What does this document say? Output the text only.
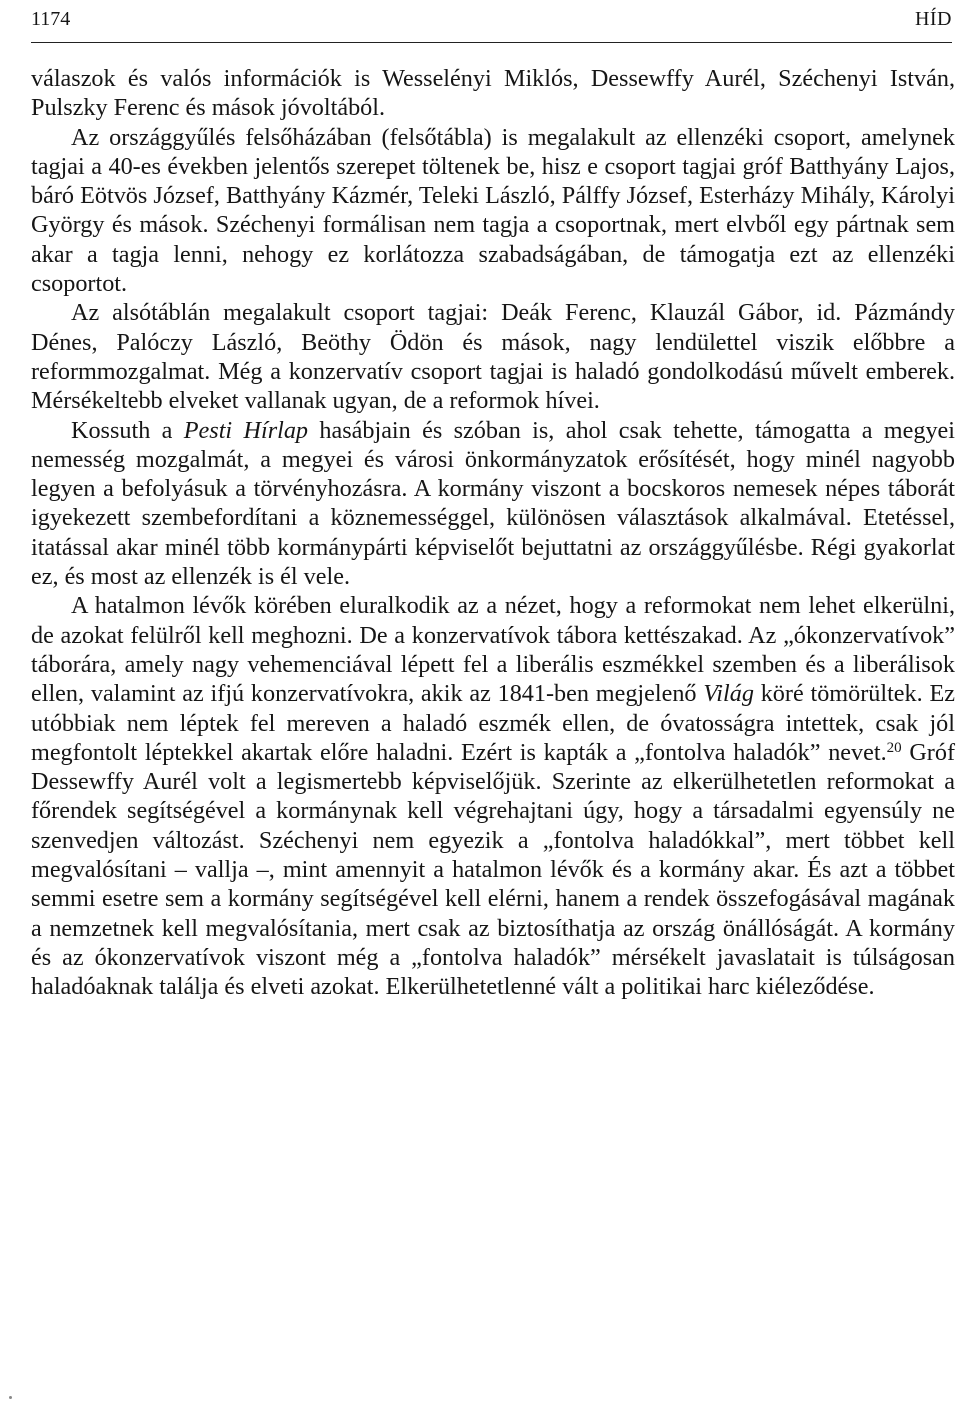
1174	HÍD

válaszok és valós információk is Wesselényi Miklós, Dessewffy Aurél, Széchenyi István, Pulszky Ferenc és mások jóvoltából.

Az országgyűlés felsőházában (felsőtábla) is megalakult az ellenzéki csoport, amelynek tagjai a 40-es években jelentős szerepet töltenek be, hisz e csoport tagjai gróf Batthyány Lajos, báró Eötvös József, Batthyány Kázmér, Teleki László, Pálffy József, Esterházy Mihály, Károlyi György és mások. Széchenyi formálisan nem tagja a csoportnak, mert elvből egy pártnak sem akar a tagja lenni, nehogy ez korlátozza szabadságában, de támogatja ezt az ellenzéki csoportot.

Az alsótáblán megalakult csoport tagjai: Deák Ferenc, Klauzál Gábor, id. Pázmándy Dénes, Palóczy László, Beöthy Ödön és mások, nagy lendülettel viszik előbbre a reformmozgalmat. Még a konzervatív csoport tagjai is haladó gondolkodású művelt emberek. Mérsékeltebb elveket vallanak ugyan, de a reformok hívei.

Kossuth a Pesti Hírlap hasábjain és szóban is, ahol csak tehette, támogatta a megyei nemesség mozgalmát, a megyei és városi önkormányzatok erősítését, hogy minél nagyobb legyen a befolyásuk a törvényhozásra. A kormány viszont a bocskoros nemesek népes táborát igyekezett szembefordítani a köznemességgel, különösen választások alkalmával. Etetéssel, itatással akar minél több kormánypárti képviselőt bejuttatni az országgyűlésbe. Régi gyakorlat ez, és most az ellenzék is él vele.

A hatalmon lévők körében eluralkodik az a nézet, hogy a reformokat nem lehet elkerülni, de azokat felülről kell meghozni. De a konzervatívok tábora kettészakad. Az „ókonzervatívok” táborára, amely nagy vehemenciával lépett fel a liberális eszmékkel szemben és a liberálisok ellen, valamint az ifjú konzervatívokra, akik az 1841-ben megjelenő Világ köré tömörültek. Ez utóbbiak nem léptek fel mereven a haladó eszmék ellen, de óvatosságra intettek, csak jól megfontolt léptekkel akartak előre haladni. Ezért is kapták a „fontolva haladók” nevet.$^{20}$ Gróf Dessewffy Aurél volt a legismertebb képviselőjük. Szerinte az elkerülhetetlen reformokat a főrendek segítségével a kormánynak kell végrehajtani úgy, hogy a társadalmi egyensúly ne szenvedjen változást. Széchenyi nem egyezik a „fontolva haladókkal”, mert többet kell megvalósítani – vallja –, mint amennyit a hatalmon lévők és a kormány akar. És azt a többet semmi esetre sem a kormány segítségével kell elérni, hanem a rendek összefogásával magának a nemzetnek kell megvalósítania, mert csak az biztosíthatja az ország önállóságát. A kormány és az ókonzervatívok viszont még a „fontolva haladók” mérsékelt javaslatait is túlságosan haladóaknak találja és elveti azokat. Elkerülhetetlenné vált a politikai harc kiéleződése.
